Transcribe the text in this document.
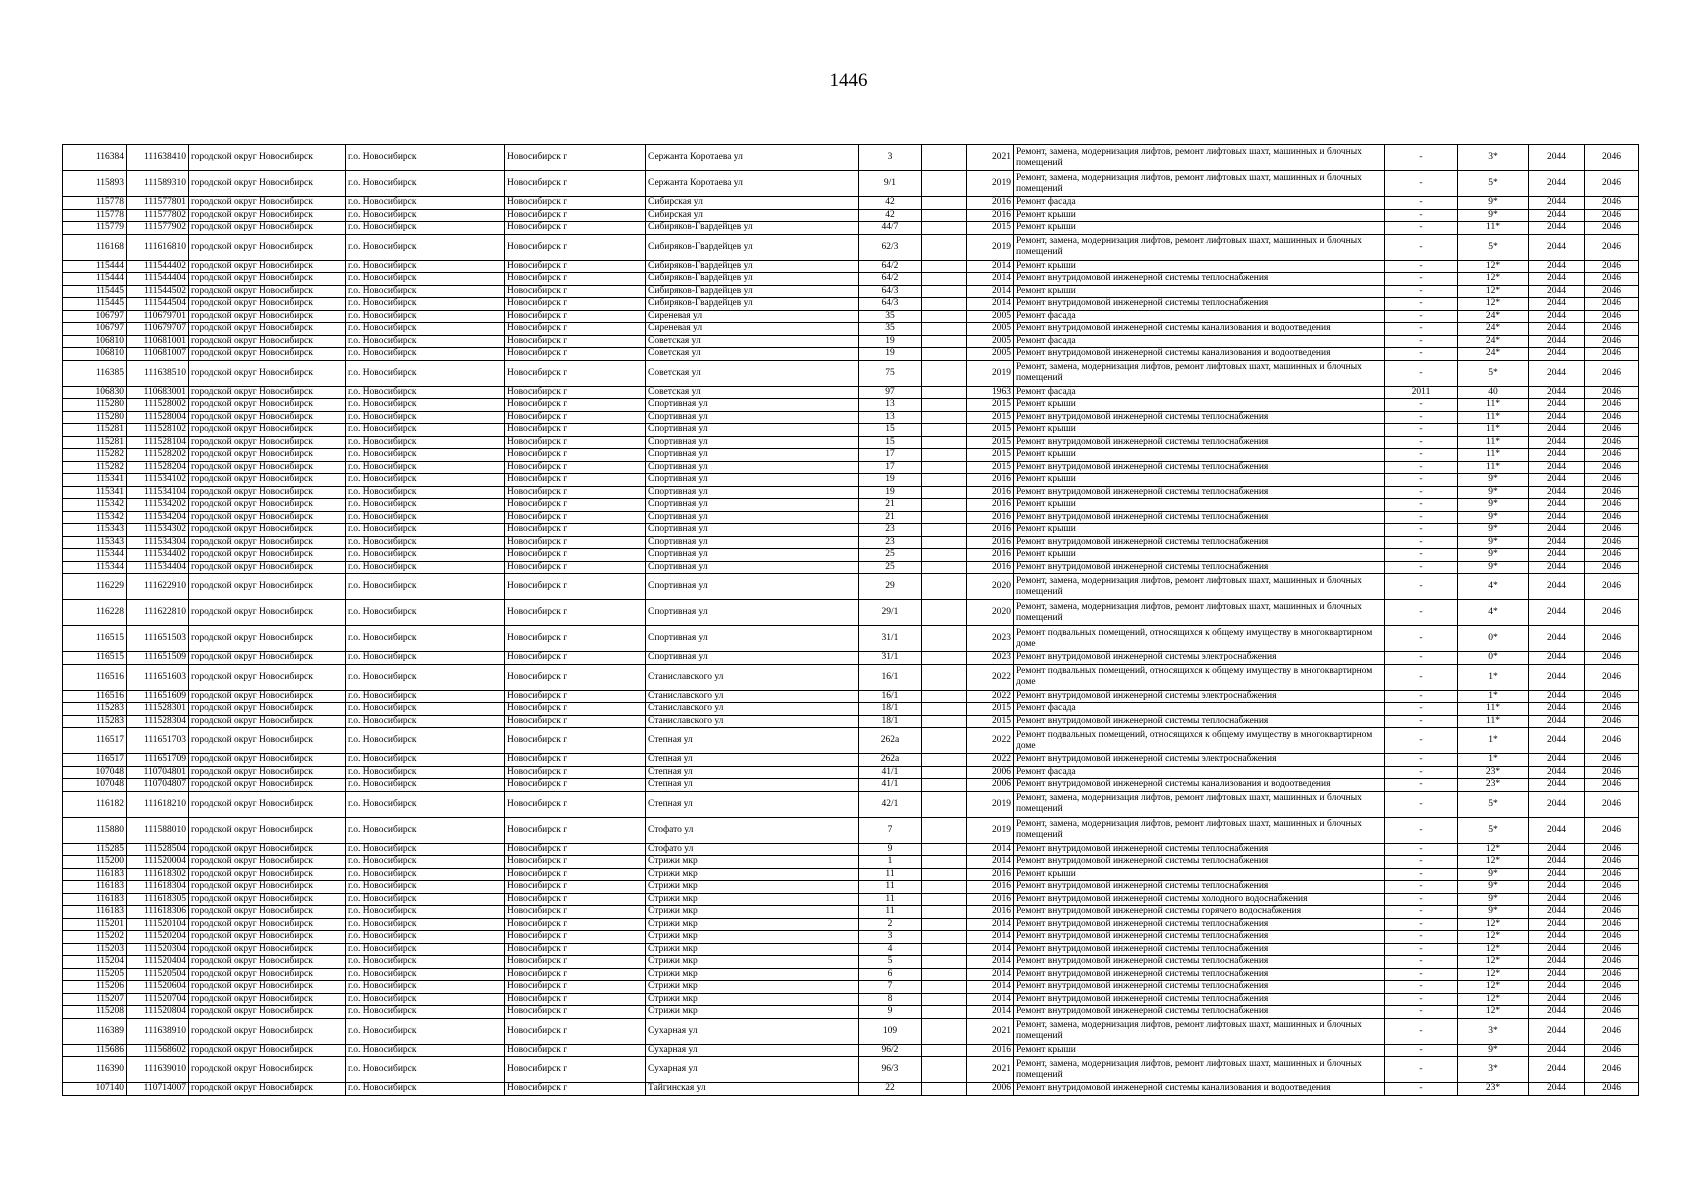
1446
116384	111638410	городской округ Новосибирск	г.о. Новосибирск	Новосибирск г	Сержанта Коротаева ул	3		2021	Ремонт, замена, модернизация лифтов, ремонт лифтовых шахт, машинных и блочных помещений	-	3*	2044	2046
115893	111589310	городской округ Новосибирск	г.о. Новосибирск	Новосибирск г	Сержанта Коротаева ул	9/1		2019	Ремонт, замена, модернизация лифтов, ремонт лифтовых шахт, машинных и блочных помещений	-	5*	2044	2046
115778	111577801	городской округ Новосибирск	г.о. Новосибирск	Новосибирск г	Сибирская ул	42		2016	Ремонт фасада	-	9*	2044	2046
115778	111577802	городской округ Новосибирск	г.о. Новосибирск	Новосибирск г	Сибирская ул	42		2016	Ремонт крыши	-	9*	2044	2046
115779	111577902	городской округ Новосибирск	г.о. Новосибирск	Новосибирск г	Сибиряков-Гвардейцев ул	44/7		2015	Ремонт крыши	-	11*	2044	2046
116168	111616810	городской округ Новосибирск	г.о. Новосибирск	Новосибирск г	Сибиряков-Гвардейцев ул	62/3		2019	Ремонт, замена, модернизация лифтов, ремонт лифтовых шахт, машинных и блочных помещений	-	5*	2044	2046
115444	111544402	городской округ Новосибирск	г.о. Новосибирск	Новосибирск г	Сибиряков-Гвардейцев ул	64/2		2014	Ремонт крыши	-	12*	2044	2046
115444	111544404	городской округ Новосибирск	г.о. Новосибирск	Новосибирск г	Сибиряков-Гвардейцев ул	64/2		2014	Ремонт внутридомовой инженерной системы теплоснабжения	-	12*	2044	2046
115445	111544502	городской округ Новосибирск	г.о. Новосибирск	Новосибирск г	Сибиряков-Гвардейцев ул	64/3		2014	Ремонт крыши	-	12*	2044	2046
115445	111544504	городской округ Новосибирск	г.о. Новосибирск	Новосибирск г	Сибиряков-Гвардейцев ул	64/3		2014	Ремонт внутридомовой инженерной системы теплоснабжения	-	12*	2044	2046
106797	110679701	городской округ Новосибирск	г.о. Новосибирск	Новосибирск г	Сиреневая ул	35		2005	Ремонт фасада	-	24*	2044	2046
106797	110679707	городской округ Новосибирск	г.о. Новосибирск	Новосибирск г	Сиреневая ул	35		2005	Ремонт внутридомовой инженерной системы канализования и водоотведения	-	24*	2044	2046
106810	110681001	городской округ Новосибирск	г.о. Новосибирск	Новосибирск г	Советская ул	19		2005	Ремонт фасада	-	24*	2044	2046
106810	110681007	городской округ Новосибирск	г.о. Новосибирск	Новосибирск г	Советская ул	19		2005	Ремонт внутридомовой инженерной системы канализования и водоотведения	-	24*	2044	2046
116385	111638510	городской округ Новосибирск	г.о. Новосибирск	Новосибирск г	Советская ул	75		2019	Ремонт, замена, модернизация лифтов, ремонт лифтовых шахт, машинных и блочных помещений	-	5*	2044	2046
106830	110683001	городской округ Новосибирск	г.о. Новосибирск	Новосибирск г	Советская ул	97		1963	Ремонт фасада	2011	40	2044	2046
115280	111528002	городской округ Новосибирск	г.о. Новосибирск	Новосибирск г	Спортивная ул	13		2015	Ремонт крыши	-	11*	2044	2046
115280	111528004	городской округ Новосибирск	г.о. Новосибирск	Новосибирск г	Спортивная ул	13		2015	Ремонт внутридомовой инженерной системы теплоснабжения	-	11*	2044	2046
115281	111528102	городской округ Новосибирск	г.о. Новосибирск	Новосибирск г	Спортивная ул	15		2015	Ремонт крыши	-	11*	2044	2046
115281	111528104	городской округ Новосибирск	г.о. Новосибирск	Новосибирск г	Спортивная ул	15		2015	Ремонт внутридомовой инженерной системы теплоснабжения	-	11*	2044	2046
115282	111528202	городской округ Новосибирск	г.о. Новосибирск	Новосибирск г	Спортивная ул	17		2015	Ремонт крыши	-	11*	2044	2046
115282	111528204	городской округ Новосибирск	г.о. Новосибирск	Новосибирск г	Спортивная ул	17		2015	Ремонт внутридомовой инженерной системы теплоснабжения	-	11*	2044	2046
115341	111534102	городской округ Новосибирск	г.о. Новосибирск	Новосибирск г	Спортивная ул	19		2016	Ремонт крыши	-	9*	2044	2046
115341	111534104	городской округ Новосибирск	г.о. Новосибирск	Новосибирск г	Спортивная ул	19		2016	Ремонт внутридомовой инженерной системы теплоснабжения	-	9*	2044	2046
115342	111534202	городской округ Новосибирск	г.о. Новосибирск	Новосибирск г	Спортивная ул	21		2016	Ремонт крыши	-	9*	2044	2046
115342	111534204	городской округ Новосибирск	г.о. Новосибирск	Новосибирск г	Спортивная ул	21		2016	Ремонт внутридомовой инженерной системы теплоснабжения	-	9*	2044	2046
115343	111534302	городской округ Новосибирск	г.о. Новосибирск	Новосибирск г	Спортивная ул	23		2016	Ремонт крыши	-	9*	2044	2046
115343	111534304	городской округ Новосибирск	г.о. Новосибирск	Новосибирск г	Спортивная ул	23		2016	Ремонт внутридомовой инженерной системы теплоснабжения	-	9*	2044	2046
115344	111534402	городской округ Новосибирск	г.о. Новосибирск	Новосибирск г	Спортивная ул	25		2016	Ремонт крыши	-	9*	2044	2046
115344	111534404	городской округ Новосибирск	г.о. Новосибирск	Новосибирск г	Спортивная ул	25		2016	Ремонт внутридомовой инженерной системы теплоснабжения	-	9*	2044	2046
116229	111622910	городской округ Новосибирск	г.о. Новосибирск	Новосибирск г	Спортивная ул	29		2020	Ремонт, замена, модернизация лифтов, ремонт лифтовых шахт, машинных и блочных помещений	-	4*	2044	2046
116228	111622810	городской округ Новосибирск	г.о. Новосибирск	Новосибирск г	Спортивная ул	29/1		2020	Ремонт, замена, модернизация лифтов, ремонт лифтовых шахт, машинных и блочных помещений	-	4*	2044	2046
116515	111651503	городской округ Новосибирск	г.о. Новосибирск	Новосибирск г	Спортивная ул	31/1		2023	Ремонт подвальных помещений, относящихся к общему имуществу в многоквартирном доме	-	0*	2044	2046
116515	111651509	городской округ Новосибирск	г.о. Новосибирск	Новосибирск г	Спортивная ул	31/1		2023	Ремонт внутридомовой инженерной системы электроснабжения	-	0*	2044	2046
116516	111651603	городской округ Новосибирск	г.о. Новосибирск	Новосибирск г	Станиславского ул	16/1		2022	Ремонт подвальных помещений, относящихся к общему имуществу в многоквартирном доме	-	1*	2044	2046
116516	111651609	городской округ Новосибирск	г.о. Новосибирск	Новосибирск г	Станиславского ул	16/1		2022	Ремонт внутридомовой инженерной системы электроснабжения	-	1*	2044	2046
115283	111528301	городской округ Новосибирск	г.о. Новосибирск	Новосибирск г	Станиславского ул	18/1		2015	Ремонт фасада	-	11*	2044	2046
115283	111528304	городской округ Новосибирск	г.о. Новосибирск	Новосибирск г	Станиславского ул	18/1		2015	Ремонт внутридомовой инженерной системы теплоснабжения	-	11*	2044	2046
116517	111651703	городской округ Новосибирск	г.о. Новосибирск	Новосибирск г	Степная ул	262а		2022	Ремонт подвальных помещений, относящихся к общему имуществу в многоквартирном доме	-	1*	2044	2046
116517	111651709	городской округ Новосибирск	г.о. Новосибирск	Новосибирск г	Степная ул	262а		2022	Ремонт внутридомовой инженерной системы электроснабжения	-	1*	2044	2046
107048	110704801	городской округ Новосибирск	г.о. Новосибирск	Новосибирск г	Степная ул	41/1		2006	Ремонт фасада	-	23*	2044	2046
107048	110704807	городской округ Новосибирск	г.о. Новосибирск	Новосибирск г	Степная ул	41/1		2006	Ремонт внутридомовой инженерной системы канализования и водоотведения	-	23*	2044	2046
116182	111618210	городской округ Новосибирск	г.о. Новосибирск	Новосибирск г	Степная ул	42/1		2019	Ремонт, замена, модернизация лифтов, ремонт лифтовых шахт, машинных и блочных помещений	-	5*	2044	2046
115880	111588010	городской округ Новосибирск	г.о. Новосибирск	Новосибирск г	Стофато ул	7		2019	Ремонт, замена, модернизация лифтов, ремонт лифтовых шахт, машинных и блочных помещений	-	5*	2044	2046
115285	111528504	городской округ Новосибирск	г.о. Новосибирск	Новосибирск г	Стофато ул	9		2014	Ремонт внутридомовой инженерной системы теплоснабжения	-	12*	2044	2046
115200	111520004	городской округ Новосибирск	г.о. Новосибирск	Новосибирск г	Стрижи мкр	1		2014	Ремонт внутридомовой инженерной системы теплоснабжения	-	12*	2044	2046
116183	111618302	городской округ Новосибирск	г.о. Новосибирск	Новосибирск г	Стрижи мкр	11		2016	Ремонт крыши	-	9*	2044	2046
116183	111618304	городской округ Новосибирск	г.о. Новосибирск	Новосибирск г	Стрижи мкр	11		2016	Ремонт внутридомовой инженерной системы теплоснабжения	-	9*	2044	2046
116183	111618305	городской округ Новосибирск	г.о. Новосибирск	Новосибирск г	Стрижи мкр	11		2016	Ремонт внутридомовой инженерной системы холодного водоснабжения	-	9*	2044	2046
116183	111618306	городской округ Новосибирск	г.о. Новосибирск	Новосибирск г	Стрижи мкр	11		2016	Ремонт внутридомовой инженерной системы горячего водоснабжения	-	9*	2044	2046
115201	111520104	городской округ Новосибирск	г.о. Новосибирск	Новосибирск г	Стрижи мкр	2		2014	Ремонт внутридомовой инженерной системы теплоснабжения	-	12*	2044	2046
115202	111520204	городской округ Новосибирск	г.о. Новосибирск	Новосибирск г	Стрижи мкр	3		2014	Ремонт внутридомовой инженерной системы теплоснабжения	-	12*	2044	2046
115203	111520304	городской округ Новосибирск	г.о. Новосибирск	Новосибирск г	Стрижи мкр	4		2014	Ремонт внутридомовой инженерной системы теплоснабжения	-	12*	2044	2046
115204	111520404	городской округ Новосибирск	г.о. Новосибирск	Новосибирск г	Стрижи мкр	5		2014	Ремонт внутридомовой инженерной системы теплоснабжения	-	12*	2044	2046
115205	111520504	городской округ Новосибирск	г.о. Новосибирск	Новосибирск г	Стрижи мкр	6		2014	Ремонт внутридомовой инженерной системы теплоснабжения	-	12*	2044	2046
115206	111520604	городской округ Новосибирск	г.о. Новосибирск	Новосибирск г	Стрижи мкр	7		2014	Ремонт внутридомовой инженерной системы теплоснабжения	-	12*	2044	2046
115207	111520704	городской округ Новосибирск	г.о. Новосибирск	Новосибирск г	Стрижи мкр	8		2014	Ремонт внутридомовой инженерной системы теплоснабжения	-	12*	2044	2046
115208	111520804	городской округ Новосибирск	г.о. Новосибирск	Новосибирск г	Стрижи мкр	9		2014	Ремонт внутридомовой инженерной системы теплоснабжения	-	12*	2044	2046
116389	111638910	городской округ Новосибирск	г.о. Новосибирск	Новосибирск г	Сухарная ул	109		2021	Ремонт, замена, модернизация лифтов, ремонт лифтовых шахт, машинных и блочных помещений	-	3*	2044	2046
115686	111568602	городской округ Новосибирск	г.о. Новосибирск	Новосибирск г	Сухарная ул	96/2		2016	Ремонт крыши	-	9*	2044	2046
116390	111639010	городской округ Новосибирск	г.о. Новосибирск	Новосибирск г	Сухарная ул	96/3		2021	Ремонт, замена, модернизация лифтов, ремонт лифтовых шахт, машинных и блочных помещений	-	3*	2044	2046
107140	110714007	городской округ Новосибирск	г.о. Новосибирск	Новосибирск г	Тайгинская ул	22		2006	Ремонт внутридомовой инженерной системы канализования и водоотведения	-	23*	2044	2046
